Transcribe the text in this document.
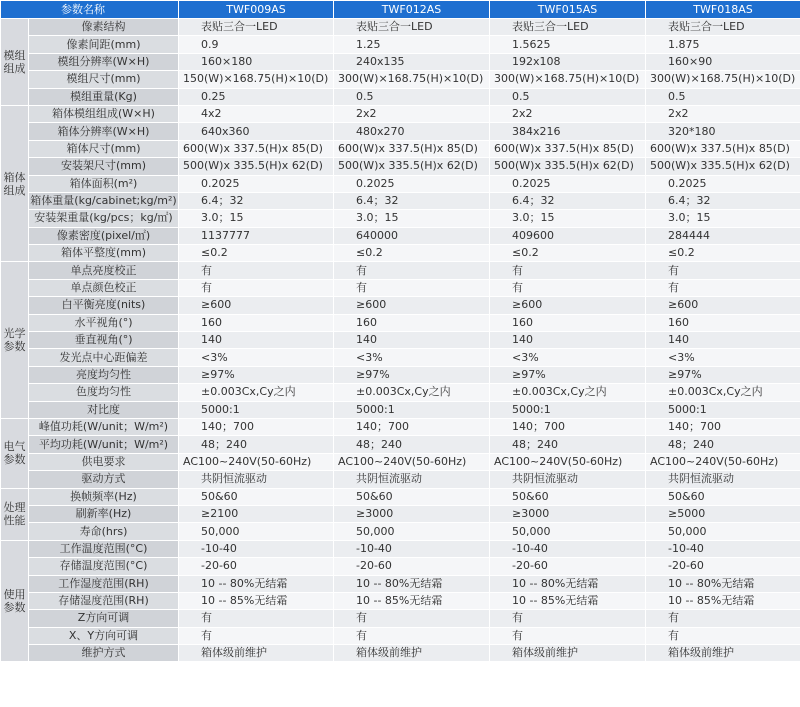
参数名称		TWF009AS	TWF012AS	TWF015AS	TWF018AS
模组组成	像素结构	表贴三合一LED	表贴三合一LED	表贴三合一LED	表贴三合一LED

	像素间距(mm)	0.9	1.25	1.5625	1.875

	模组分辨率(W×H)	160×180	240x135	192x108	160×90

	模组尺寸(mm)	150(W)×168.75(H)×10(D)	300(W)×168.75(H)×10(D)	300(W)×168.75(H)×10(D)	300(W)×168.75(H)×10(D)

	模组重量(Kg)	0.25	0.5	0.5	0.5

箱体组成	箱体模组组成(W×H)	4x2	2x2	2x2	2x2

	箱体分辨率(W×H)	640x360	480x270	384x216	320*180

	箱体尺寸(mm)	600(W)x 337.5(H)x 85(D)	600(W)x 337.5(H)x 85(D)	600(W)x 337.5(H)x 85(D)	600(W)x 337.5(H)x 85(D)

	安装架尺寸(mm)	500(W)x 335.5(H)x 62(D)	500(W)x 335.5(H)x 62(D)	500(W)x 335.5(H)x 62(D)	500(W)x 335.5(H)x 62(D)

	箱体面积(m²)	0.2025	0.2025	0.2025	0.2025

	箱体重量(kg/cabinet;kg/m²)	6.4；32	6.4；32	6.4；32	6.4；32

	安装架重量(kg/pcs；kg/㎡)	3.0；15	3.0；15	3.0；15	3.0；15

	像素密度(pixel/㎡)	1137777	640000	409600	284444

	箱体平整度(mm)	≤0.2	≤0.2	≤0.2	≤0.2

光学参数	单点亮度校正	有	有	有	有

	单点颜色校正	有	有	有	有

	白平衡亮度(nits)	≥600	≥600	≥600	≥600

	水平视角(°)	160	160	160	160

	垂直视角(°)	140	140	140	140

	发光点中心距偏差	<3%	<3%	<3%	<3%

	亮度均匀性	≥97%	≥97%	≥97%	≥97%

	色度均匀性	±0.003Cx,Cy之内	±0.003Cx,Cy之内	±0.003Cx,Cy之内	±0.003Cx,Cy之内

	对比度	5000:1	5000:1	5000:1	5000:1

电气参数	峰值功耗(W/unit；W/m²)	140；700	140；700	140；700	140；700

	平均功耗(W/unit；W/m²)	48；240	48；240	48；240	48；240

	供电要求	AC100~240V(50-60Hz)	AC100~240V(50-60Hz)	AC100~240V(50-60Hz)	AC100~240V(50-60Hz)

	驱动方式	共阴恒流驱动	共阴恒流驱动	共阴恒流驱动	共阴恒流驱动

处理性能	换帧频率(Hz)	50&60	50&60	50&60	50&60

	刷新率(Hz)	≥2100	≥3000	≥3000	≥5000

	寿命(hrs)	50,000	50,000	50,000	50,000

使用参数	工作温度范围(°C)	-10-40	-10-40	-10-40	-10-40

	存储温度范围(°C)	-20-60	-20-60	-20-60	-20-60

	工作湿度范围(RH)	10 -- 80%无结霜	10 -- 80%无结霜	10 -- 80%无结霜	10 -- 80%无结霜

	存储湿度范围(RH)	10 -- 85%无结霜	10 -- 85%无结霜	10 -- 85%无结霜	10 -- 85%无结霜

	Z方向可调	有	有	有	有

	X、Y方向可调	有	有	有	有

	维护方式	箱体级前维护	箱体级前维护	箱体级前维护	箱体级前维护
